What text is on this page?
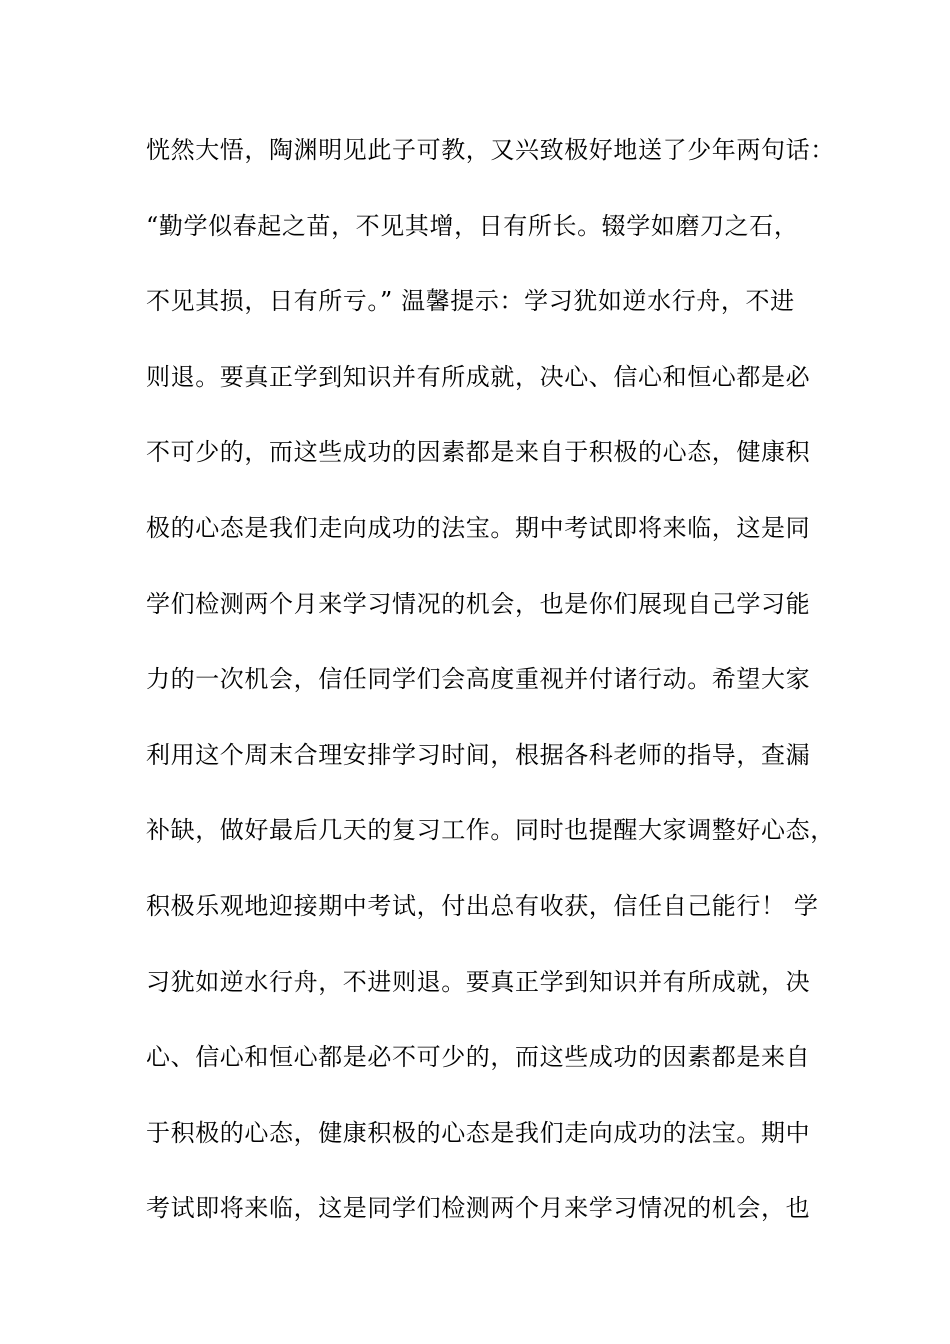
恍然大悟，陶渊明见此子可教，又兴致极好地送了少年两句话：
“勤学似春起之苗，不见其增，日有所长。辍学如磨刀之石，
不见其损，日有所亏。” 温馨提示：学习犹如逆水行舟，不进
则退。要真正学到知识并有所成就，决心、信心和恒心都是必
不可少的，而这些成功的因素都是来自于积极的心态，健康积
极的心态是我们走向成功的法宝。期中考试即将来临，这是同
学们检测两个月来学习情况的机会，也是你们展现自己学习能
力的一次机会，信任同学们会高度重视并付诸行动。希望大家
利用这个周末合理安排学习时间，根据各科老师的指导，查漏
补缺，做好最后几天的复习工作。同时也提醒大家调整好心态，
积极乐观地迎接期中考试，付出总有收获，信任自己能行！ 学
习犹如逆水行舟，不进则退。要真正学到知识并有所成就，决
心、信心和恒心都是必不可少的，而这些成功的因素都是来自
于积极的心态，健康积极的心态是我们走向成功的法宝。期中
考试即将来临，这是同学们检测两个月来学习情况的机会，也
